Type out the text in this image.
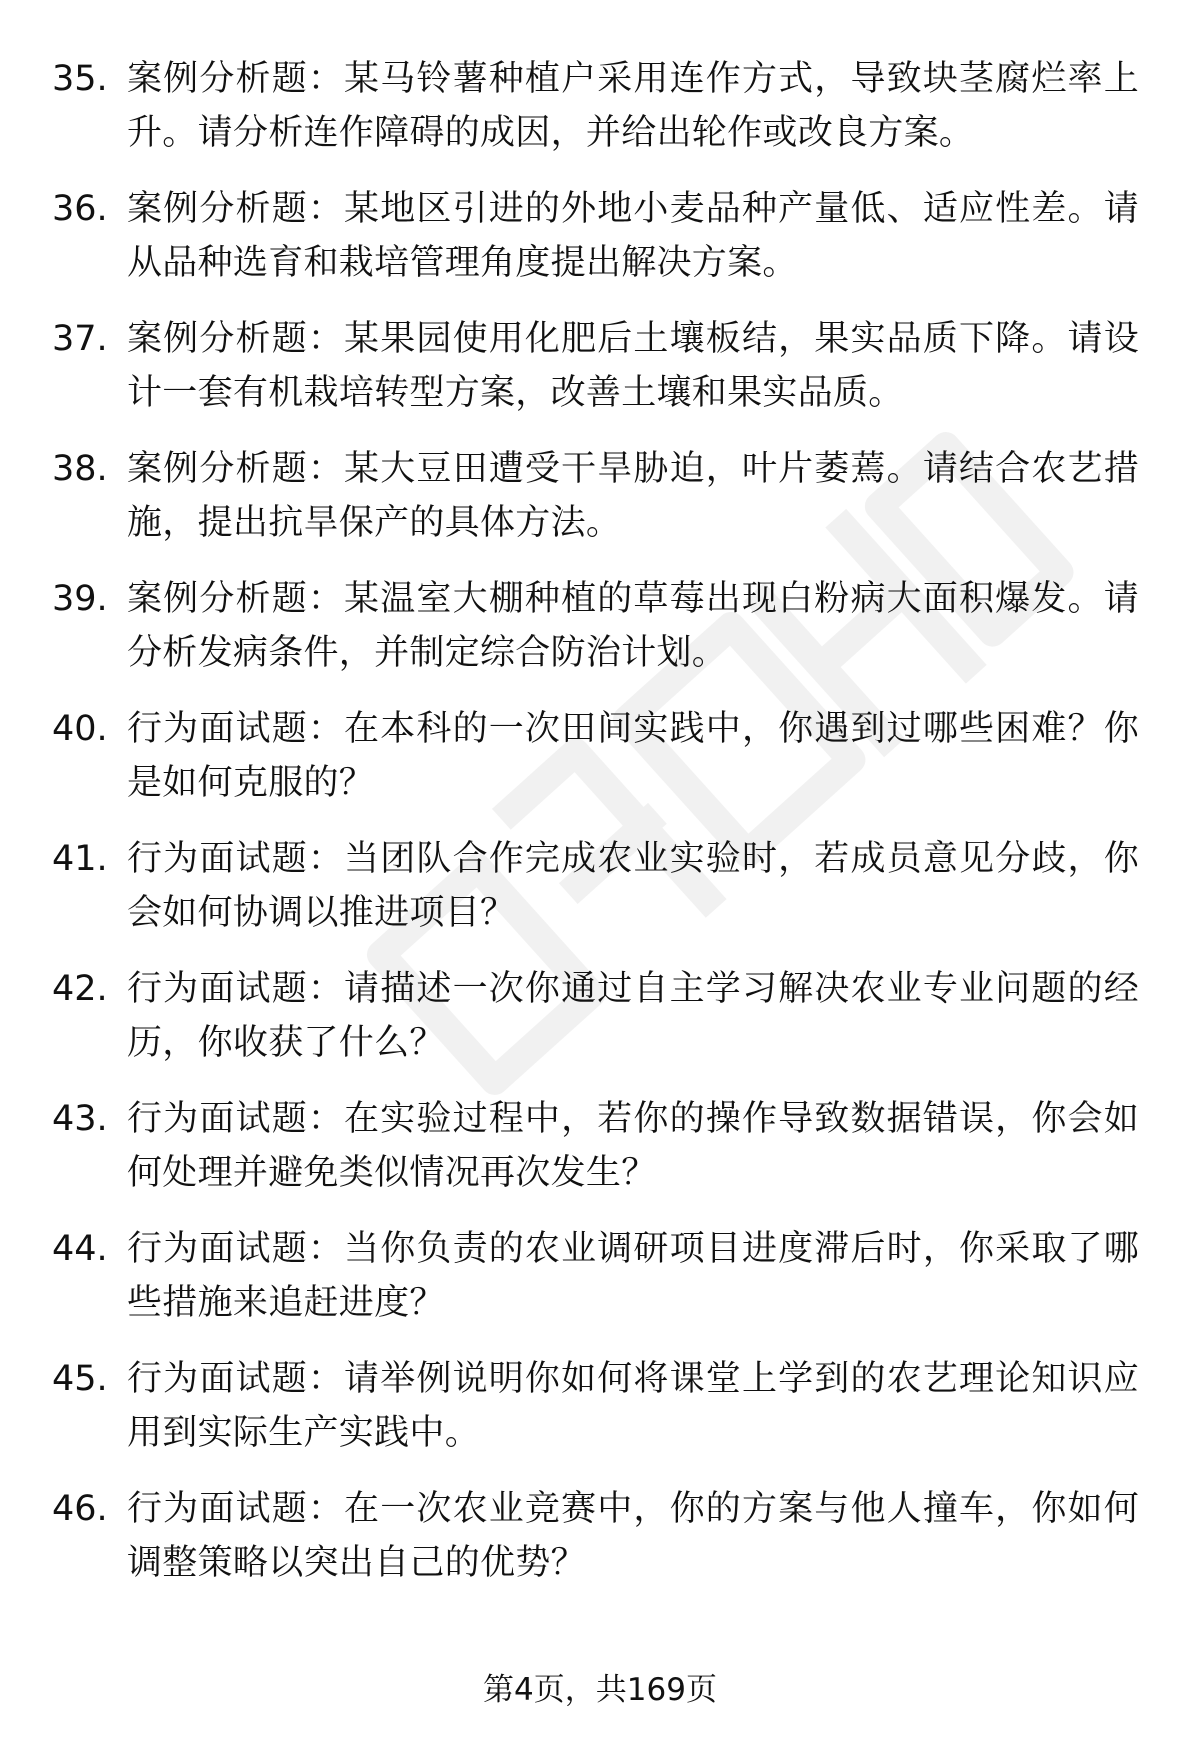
35. 案例分析题：某马铃薯种植户采用连作方式，导致块茎腐烂率上升。请分析连作障碍的成因，并给出轮作或改良方案。
36. 案例分析题：某地区引进的外地小麦品种产量低、适应性差。请从品种选育和栽培管理角度提出解决方案。
37. 案例分析题：某果园使用化肥后土壤板结，果实品质下降。请设计一套有机栽培转型方案，改善土壤和果实品质。
38. 案例分析题：某大豆田遭受干旱胁迫，叶片萎蔫。请结合农艺措施，提出抗旱保产的具体方法。
39. 案例分析题：某温室大棚种植的草莓出现白粉病大面积爆发。请分析发病条件，并制定综合防治计划。
40. 行为面试题：在本科的一次田间实践中，你遇到过哪些困难？你是如何克服的？
41. 行为面试题：当团队合作完成农业实验时，若成员意见分歧，你会如何协调以推进项目？
42. 行为面试题：请描述一次你通过自主学习解决农业专业问题的经历，你收获了什么？
43. 行为面试题：在实验过程中，若你的操作导致数据错误，你会如何处理并避免类似情况再次发生？
44. 行为面试题：当你负责的农业调研项目进度滞后时，你采取了哪些措施来追赶进度？
45. 行为面试题：请举例说明你如何将课堂上学到的农艺理论知识应用到实际生产实践中。
46. 行为面试题：在一次农业竞赛中，你的方案与他人撞车，你如何调整策略以突出自己的优势？
第4页，共169页
